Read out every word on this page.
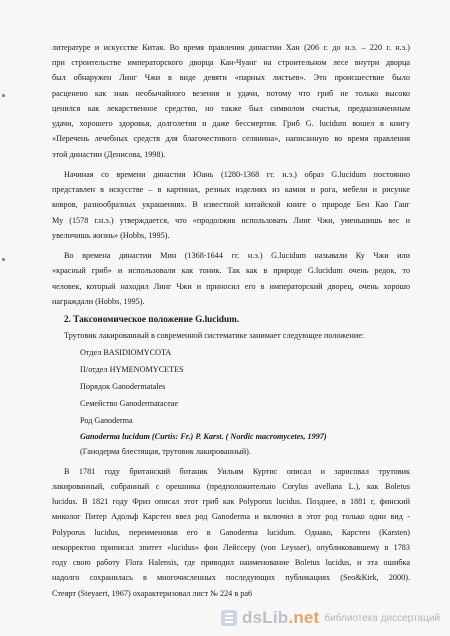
литературе и искусстве Китая. Во время правления династии Хан (206 г. до н.э. – 220 г. н.э.)
при строительстве императорского дворца Кан-Чуанг на строительном лесе внутри дворца
был обнаружен Линг Чжи в виде девяти «парных листьев». Это происшествие было
расценено как знак необычайного везения и удачи, потому что гриб не только высоко
ценился как лекарственное средство, но также был символом счастья, предназначенным
удачи, хорошего здоровья, долголетия и даже бессмертия. Гриб G. lucidum вошел в книгу
«Перечень лечебных средств для благочестивого селянина», написанную во время правления
этой династии (Денисова, 1998).
Начиная со времени династии Юань (1280-1368 гг. н.э.) образ G.lucidum постоянно
представлен в искусстве – в картинах, резных изделиях из камня и рога, мебели и рисунке
ковров, разнообразных украшениях. В известной китайской книге о природе Бен Као Ганг
Му (1578 г.н.э.) утверждается, что «продолжив использовать Линг Чжи, уменьшишь вес и
увеличишь жизнь» (Hobbs, 1995).
Во времена династии Мин (1368-1644 гг. н.э.) G.lucidum называли Ку Чжи или
«красный гриб» и использовали как тоник. Так как в природе G.lucidum очень редок, то
человек, который находил Линг Чжи и приносил его в императорский дворец, очень хорошо
награждали (Hobbs, 1995).
2. Таксономическое положение G.lucidum.
Трутовик лакированный в современной систематике занимает следующее положение:
Отдел BASIDIOMYCOTA
П/отдел HYMENOMYCETES
Порядок Ganodermatales
Семейство Ganodermataceae
Род Ganoderma
Ganoderma lucidum (Curtis: Fr.) P. Karst. ( Nordic macromycetes, 1997)
(Ганодерма блестящая, трутовик лакированный).
В 1781 году британский ботаник Уильям Куртис описал и зарисовал трутовик
лакированный, собранный с орешника (предположительно Corylus avellana L.), как Boletus
lucidus. В 1821 году Фриз описал этот гриб как Polyporus lucidus. Позднее, в 1881 г, финский
миколог Питер Адольф Карстен ввел род Ganoderma и включил в этот род только один вид -
Polyporus lucidus, переименовав его в Ganoderma lucidum. Однако, Карстен (Karsten)
некорректно приписал эпитет «lucidus» фон Лейссеру (von Leysser), опубликовавшему в 1783
году свою работу Flora Halensis, где приводил наименование Boletus lucidus, и эта ошибка
надолго сохранилась в многочисленных последующих публикациях (Seo&Kirk, 2000).
Стеярт (Steyaert, 1967) охарактеризовал лист № 224 в ра6
dsLib.net библиотека диссертаций
